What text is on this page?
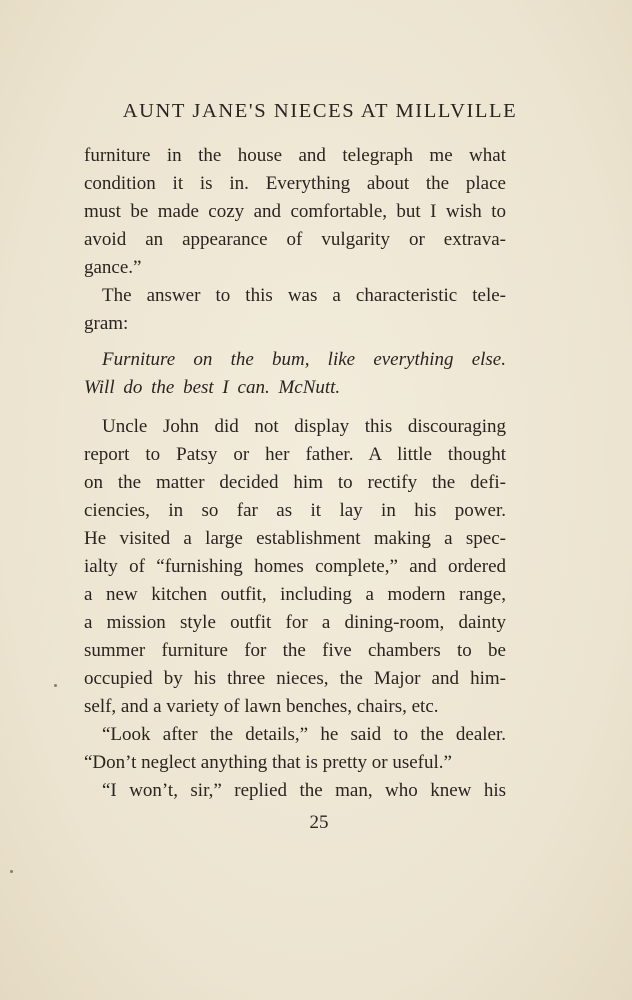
AUNT JANE'S NIECES AT MILLVILLE
furniture in the house and telegraph me what
condition it is in. Everything about the place
must be made cozy and comfortable, but I wish to
avoid an appearance of vulgarity or extrava-
gance.”
The answer to this was a characteristic tele-
gram:
Furniture on the bum, like everything else.
Will do the best I can. McNutt.
Uncle John did not display this discouraging
report to Patsy or her father. A little thought
on the matter decided him to rectify the defi-
ciencies, in so far as it lay in his power.
He visited a large establishment making a spec-
ialty of “furnishing homes complete,” and ordered
a new kitchen outfit, including a modern range,
a mission style outfit for a dining-room, dainty
summer furniture for the five chambers to be
occupied by his three nieces, the Major and him-
self, and a variety of lawn benches, chairs, etc.
“Look after the details,” he said to the dealer.
“Don’t neglect anything that is pretty or useful.”
“I won’t, sir,” replied the man, who knew his
25
